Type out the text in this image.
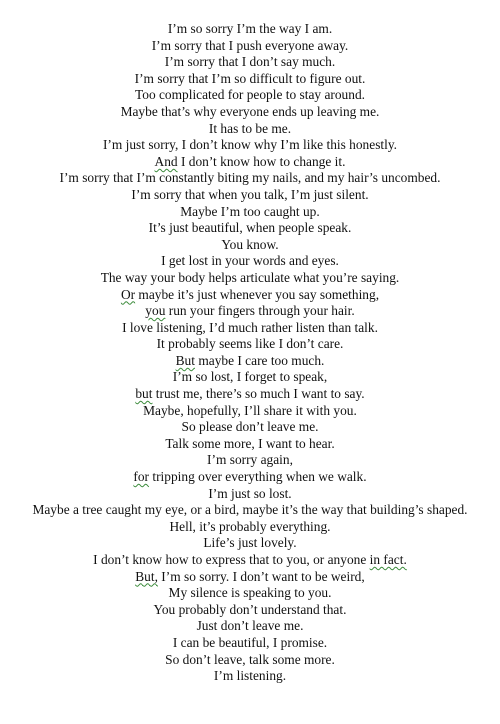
I’m so sorry I’m the way I am.
I’m sorry that I push everyone away.
I’m sorry that I don’t say much.
I’m sorry that I’m so difficult to figure out.
Too complicated for people to stay around.
Maybe that’s why everyone ends up leaving me.
It has to be me.
I’m just sorry, I don’t know why I’m like this honestly.
And I don’t know how to change it.
I’m sorry that I’m constantly biting my nails, and my hair’s uncombed.
I’m sorry that when you talk, I’m just silent.
Maybe I’m too caught up.
It’s just beautiful, when people speak.
You know.
I get lost in your words and eyes.
The way your body helps articulate what you’re saying.
Or maybe it’s just whenever you say something,
you run your fingers through your hair.
I love listening, I’d much rather listen than talk.
It probably seems like I don’t care.
But maybe I care too much.
I’m so lost, I forget to speak,
but trust me, there’s so much I want to say.
Maybe, hopefully, I’ll share it with you.
So please don’t leave me.
Talk some more, I want to hear.
I’m sorry again,
for tripping over everything when we walk.
I’m just so lost.
Maybe a tree caught my eye, or a bird, maybe it’s the way that building’s shaped.
Hell, it’s probably everything.
Life’s just lovely.
I don’t know how to express that to you, or anyone in fact.
But, I’m so sorry. I don’t want to be weird,
My silence is speaking to you.
You probably don’t understand that.
Just don’t leave me.
I can be beautiful, I promise.
So don’t leave, talk some more.
I’m listening.
